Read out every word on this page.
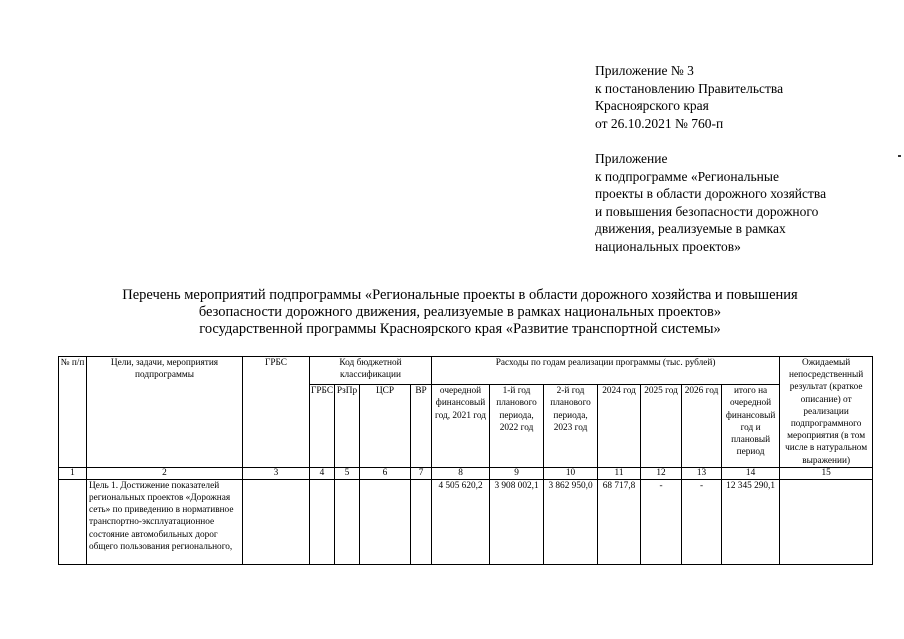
Приложение № 3
к постановлению Правительства
Красноярского края
от 26.10.2021 № 760-п
Приложение
к подпрограмме «Региональные
проекты в области дорожного хозяйства
и повышения безопасности дорожного
движения, реализуемые в рамках
национальных проектов»
Перечень мероприятий подпрограммы «Региональные проекты в области дорожного хозяйства и повышения
безопасности дорожного движения, реализуемые в рамках национальных проектов»
государственной программы Красноярского края «Развитие транспортной системы»
№ п/п	Цели, задачи, мероприятия подпрограммы	ГРБС	Код бюджетной классификации				Расходы по годам реализации программы (тыс. рублей)							Ожидаемый непосредственный результат (краткое описание) от реализации подпрограммного мероприятия (в том числе в натуральном выражении)
			ГРБС	РзПр	ЦСР	ВР	очередной финансовый год, 2021 год	1-й год планового периода, 2022 год	2-й год планового периода, 2023 год	2024 год	2025 год	2026 год	итого на очередной финансовый год и плановый период	
1	2	3	4	5	6	7	8	9	10	11	12	13	14	15
	Цель 1. Достижение показателей региональных проектов «Дорожная сеть» по приведению в нормативное транспортно-эксплуатационное состояние автомобильных дорог общего пользования регионального,						4 505 620,2	3 908 002,1	3 862 950,0	68 717,8	-	-	12 345 290,1	
